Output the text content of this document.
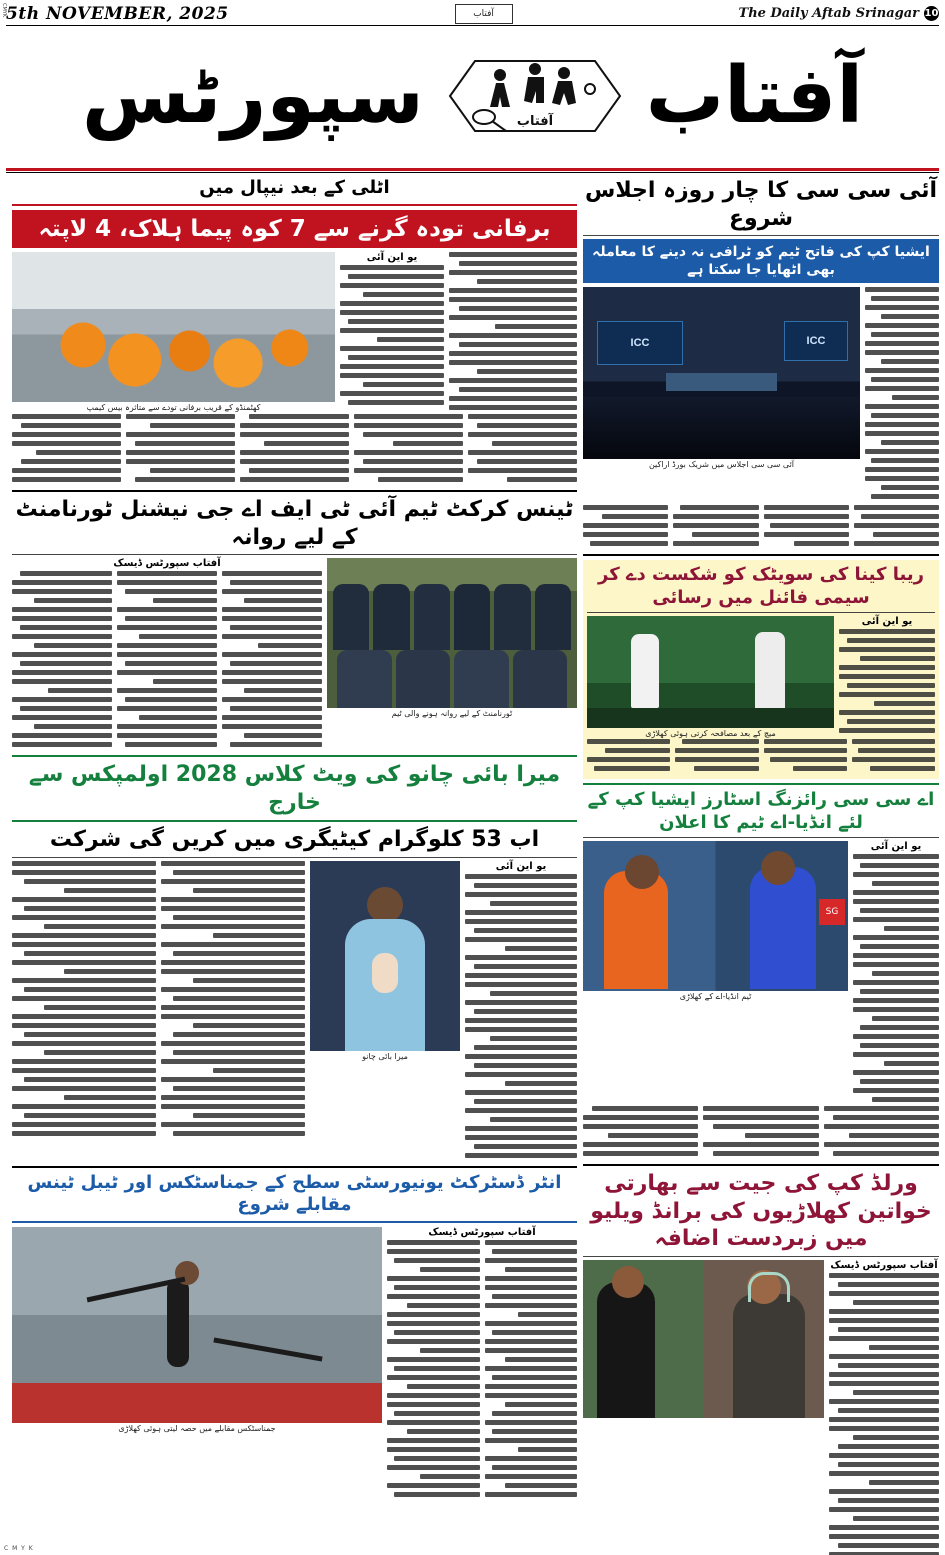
CMYK
C M Y K
10
The Daily Aftab Srinagar
آفتاب
5th NOVEMBER, 2025
آفتاب
آفتاب
سپورٹس
آئی سی سی کا چار روزہ اجلاس شروع
ایشیا کپ کی فاتح ٹیم کو ٹرافی نہ دینے کا معاملہ بھی اٹھایا جا سکتا ہے
ICC	ICC
آئی سی سی اجلاس میں شریک بورڈ اراکین
ریبا کینا کی سویٹک کو شکست دے کر سیمی فائنل میں رسائی
یو این آئی
میچ کے بعد مصافحہ کرتی ہوئی کھلاڑی
اے سی سی رائزنگ اسٹارز ایشیا کپ کے لئے انڈیا-اے ٹیم کا اعلان
یو این آئی
SG
ٹیم انڈیا-اے کے کھلاڑی
ورلڈ کپ کی جیت سے بھارتی خواتین کھلاڑیوں کی برانڈ ویلیو میں زبردست اضافہ
آفتاب سپورٹس ڈیسک
اٹلی کے بعد نیپال میں
برفانی تودہ گرنے سے 7 کوہ پیما ہلاک، 4 لاپتہ
یو این آئی
کھٹمنڈو کے قریب برفانی تودے سے متاثرہ بیس کیمپ
ٹینس کرکٹ ٹیم آئی ٹی ایف اے جی نیشنل ٹورنامنٹ کے لیے روانہ
ٹورنامنٹ کے لیے روانہ ہونے والی ٹیم
آفتاب سپورٹس ڈیسک
میرا بائی چانو کی ویٹ کلاس 2028 اولمپکس سے خارج
اب 53 کلوگرام کیٹیگری میں کریں گی شرکت
یو این آئی
میرا بائی چانو
انٹر ڈسٹرکٹ یونیورسٹی سطح کے جمناسٹکس اور ٹیبل ٹینس مقابلے شروع
آفتاب سپورٹس ڈیسک
جمناسٹکس مقابلے میں حصہ لیتی ہوئی کھلاڑی
